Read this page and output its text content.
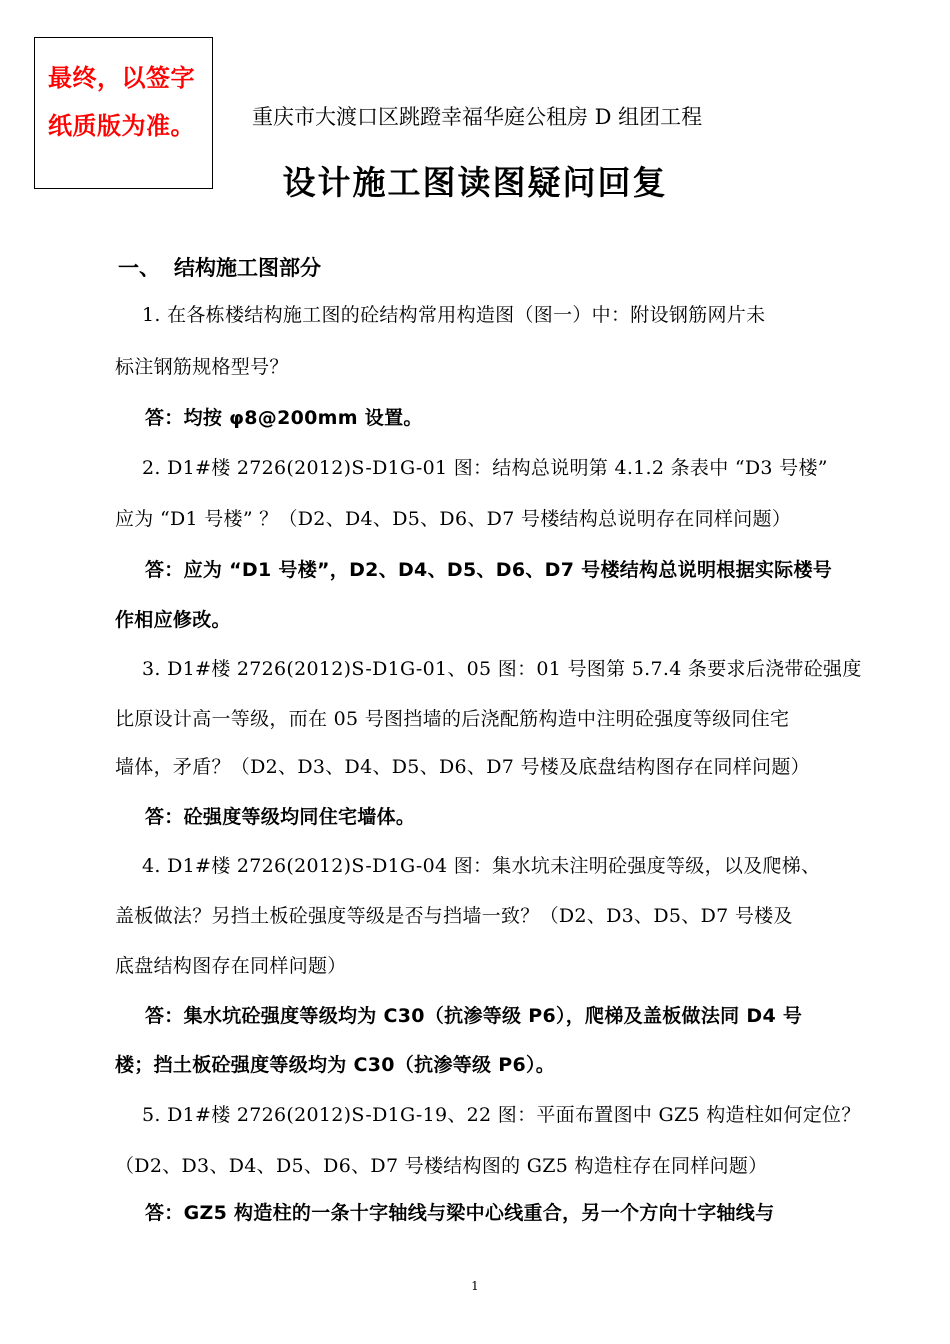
最终，以签字
纸质版为准。	重庆市大渡口区跳蹬幸福华庭公租房 D 组团工程
设计施工图读图疑问回复
一、 结构施工图部分
1. 在各栋楼结构施工图的砼结构常用构造图（图一）中：附设钢筋网片未
标注钢筋规格型号？
答：均按 φ8@200mm 设置。
2. D1#楼 2726(2012)S-D1G-01 图：结构总说明第 4.1.2 条表中 “D3 号楼”
应为 “D1 号楼” ？（D2、D4、D5、D6、D7 号楼结构总说明存在同样问题）
答：应为 “D1 号楼”，D2、D4、D5、D6、D7 号楼结构总说明根据实际楼号
作相应修改。
3. D1#楼 2726(2012)S-D1G-01、05 图：01 号图第 5.7.4 条要求后浇带砼强度
比原设计高一等级，而在 05 号图挡墙的后浇配筋构造中注明砼强度等级同住宅
墙体，矛盾？（D2、D3、D4、D5、D6、D7 号楼及底盘结构图存在同样问题）
答：砼强度等级均同住宅墙体。
4. D1#楼 2726(2012)S-D1G-04 图：集水坑未注明砼强度等级，以及爬梯、
盖板做法？另挡土板砼强度等级是否与挡墙一致？（D2、D3、D5、D7 号楼及
底盘结构图存在同样问题）
答：集水坑砼强度等级均为 C30（抗渗等级 P6），爬梯及盖板做法同 D4 号
楼；挡土板砼强度等级均为 C30（抗渗等级 P6）。
5. D1#楼 2726(2012)S-D1G-19、22 图：平面布置图中 GZ5 构造柱如何定位？
（D2、D3、D4、D5、D6、D7 号楼结构图的 GZ5 构造柱存在同样问题）
答：GZ5 构造柱的一条十字轴线与梁中心线重合，另一个方向十字轴线与
1
